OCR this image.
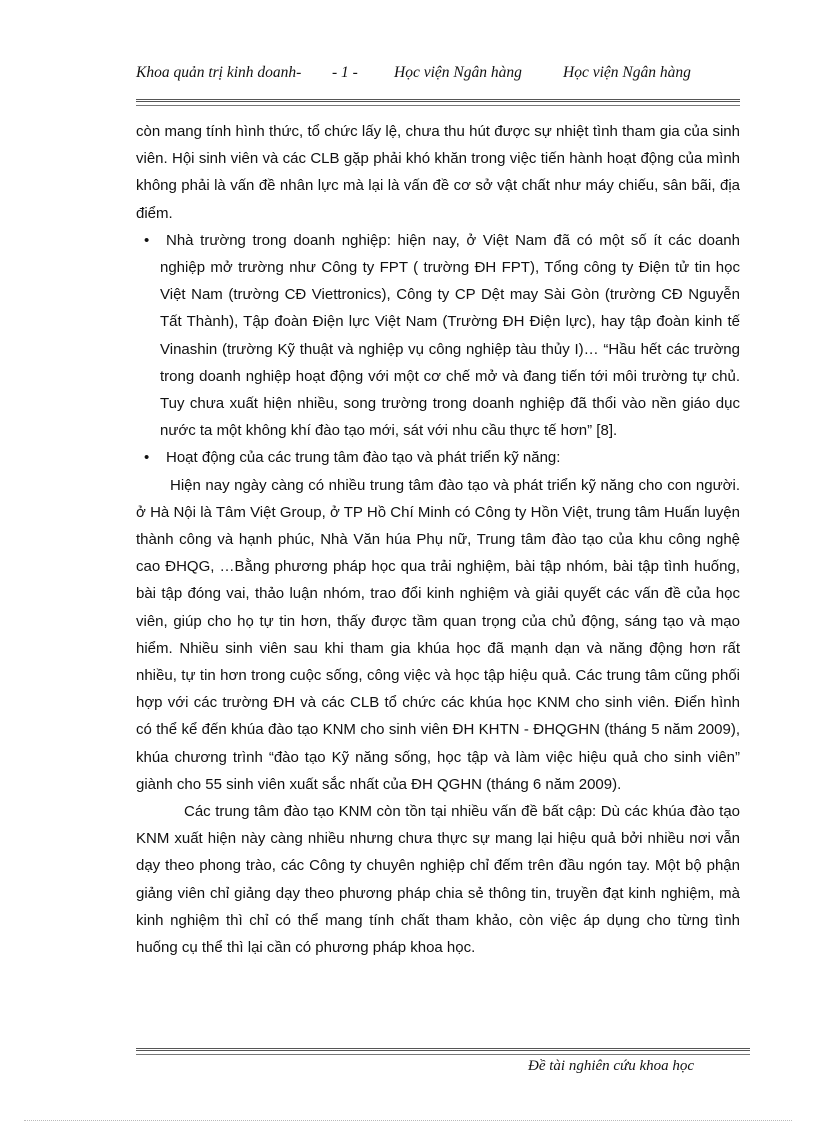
Khoa quản trị kinh doanh- - 1 - Học viện Ngân hàng	Học viện Ngân hàng

còn mang tính hình thức, tổ chức lấy lệ, chưa thu hút được sự nhiệt tình tham gia của sinh viên. Hội sinh viên và các CLB gặp phải khó khăn trong việc tiến hành hoạt động của mình không phải là vấn đề nhân lực mà lại là vấn đề cơ sở vật chất như máy chiếu, sân bãi, địa điểm.

• Nhà trường trong doanh nghiệp: hiện nay, ở Việt Nam đã có một số ít các doanh nghiệp mở trường như Công ty FPT ( trường ĐH FPT), Tổng công ty Điện tử tin học Việt Nam (trường CĐ Viettronics), Công ty CP Dệt may Sài Gòn (trường CĐ Nguyễn Tất Thành), Tập đoàn Điện lực Việt Nam (Trường ĐH Điện lực), hay tập đoàn kinh tế Vinashin (trường Kỹ thuật và nghiệp vụ công nghiệp tàu thủy I)… “Hầu hết các trường trong doanh nghiệp hoạt động với một cơ chế mở và đang tiến tới môi trường tự chủ. Tuy chưa xuất hiện nhiều, song trường trong doanh nghiệp đã thổi vào nền giáo dục nước ta một không khí đào tạo mới, sát với nhu cầu thực tế hơn” [8].

• Hoạt động của các trung tâm đào tạo và phát triển kỹ năng:

Hiện nay ngày càng có nhiều trung tâm đào tạo và phát triển kỹ năng cho con người. ở Hà Nội là Tâm Việt Group, ở TP Hồ Chí Minh có Công ty Hồn Việt, trung tâm Huấn luyện thành công và hạnh phúc, Nhà Văn húa Phụ nữ, Trung tâm đào tạo của khu công nghệ cao ĐHQG, …Bằng phương pháp học qua trải nghiệm, bài tập nhóm, bài tập tình huống, bài tập đóng vai, thảo luận nhóm, trao đổi kinh nghiệm và giải quyết các vấn đề của học viên, giúp cho họ tự tin hơn, thấy được tầm quan trọng của chủ động, sáng tạo và mạo hiểm. Nhiều sinh viên sau khi tham gia khúa học đã mạnh dạn và năng động hơn rất nhiều, tự tin hơn trong cuộc sống, công việc và học tập hiệu quả. Các trung tâm cũng phối hợp với các trường ĐH và các CLB tổ chức các khúa học KNM cho sinh viên. Điển hình có thể kể đến khúa đào tạo KNM cho sinh viên ĐH KHTN - ĐHQGHN (tháng 5 năm 2009), khúa chương trình “đào tạo Kỹ năng sống, học tập và làm việc hiệu quả cho sinh viên” giành cho 55 sinh viên xuất sắc nhất của ĐH QGHN (tháng 6 năm 2009).

Các trung tâm đào tạo KNM còn tồn tại nhiều vấn đề bất cập: Dù các khúa đào tạo KNM xuất hiện này càng nhiều nhưng chưa thực sự mang lại hiệu quả bởi nhiều nơi vẫn dạy theo phong trào, các Công ty chuyên nghiệp chỉ đếm trên đầu ngón tay. Một bộ phận giảng viên chỉ giảng dạy theo phương pháp chia sẻ thông tin, truyền đạt kinh nghiệm, mà kinh nghiệm thì chỉ có thể mang tính chất tham khảo, còn việc áp dụng cho từng tình huống cụ thể thì lại cần có phương pháp khoa học.

Đề tài nghiên cứu khoa học
